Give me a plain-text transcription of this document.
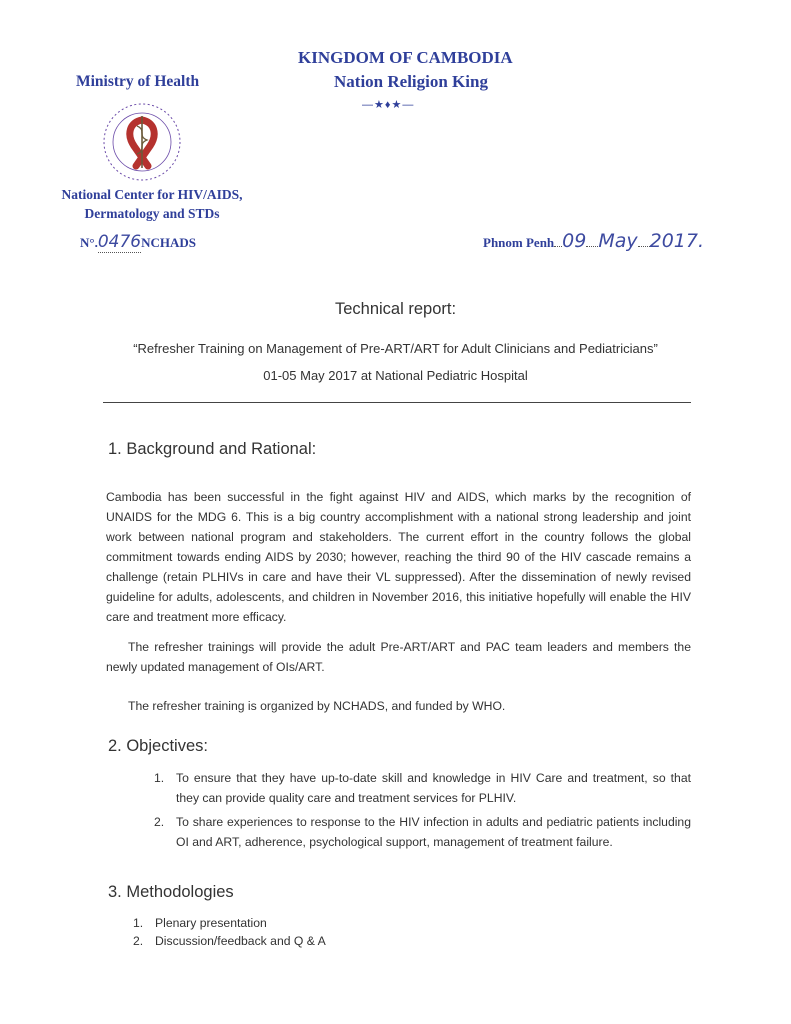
KINGDOM OF CAMBODIA
Nation Religion King
—★♦★—
Ministry of Health
National Center for HIV/AIDS,
Dermatology and STDs
N°.0476NCHADS	Phnom Penh 09 May 2017.
Technical report:
“Refresher Training on Management of Pre-ART/ART for Adult Clinicians and Pediatricians”
01-05 May 2017 at National Pediatric Hospital
1. Background and Rational:
Cambodia has been successful in the fight against HIV and AIDS, which marks by the recognition of UNAIDS for the MDG 6. This is a big country accomplishment with a national strong leadership and joint work between national program and stakeholders. The current effort in the country follows the global commitment towards ending AIDS by 2030; however, reaching the third 90 of the HIV cascade remains a challenge (retain PLHIVs in care and have their VL suppressed). After the dissemination of newly revised guideline for adults, adolescents, and children in November 2016, this initiative hopefully will enable the HIV care and treatment more efficacy.
The refresher trainings will provide the adult Pre-ART/ART and PAC team leaders and members the newly updated management of OIs/ART.
The refresher training is organized by NCHADS, and funded by WHO.
2. Objectives:
1. To ensure that they have up-to-date skill and knowledge in HIV Care and treatment, so that they can provide quality care and treatment services for PLHIV.
2. To share experiences to response to the HIV infection in adults and pediatric patients including OI and ART, adherence, psychological support, management of treatment failure.
3. Methodologies
1. Plenary presentation
2. Discussion/feedback and Q & A
